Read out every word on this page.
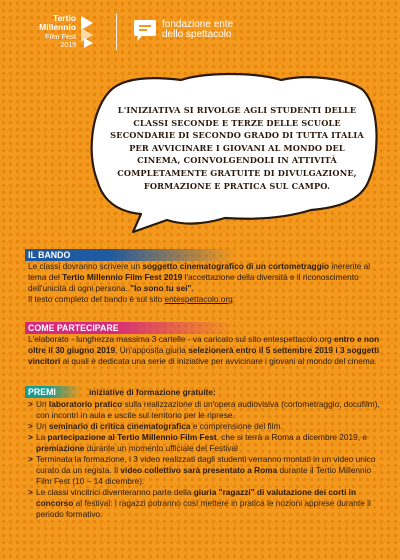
Tertio
Millennio
Film Fest
2019
fondazione ente
dello spettacolo
L'INIZIATIVA SI RIVOLGE AGLI STUDENTI DELLE CLASSI SECONDE E TERZE DELLE SCUOLE SECONDARIE DI SECONDO GRADO DI TUTTA ITALIA PER AVVICINARE I GIOVANI AL MONDO DEL CINEMA, COINVOLGENDOLI IN ATTIVITÀ COMPLETAMENTE GRATUITE DI DIVULGAZIONE, FORMAZIONE E PRATICA SUL CAMPO.
IL BANDO

Le classi dovranno scrivere un soggetto cinematografico di un cortometraggio inerente al tema del Tertio Millennio Film Fest 2019 l'accettazione della diversità e il riconoscimento dell'unicità di ogni persona. "Io sono tu sei".
Il testo completo del bando è sul sito entespettacolo.org.

COME PARTECIPARE

L'elaborato - lunghezza massima 3 cartelle - va caricato sul sito entespettacolo.org entro e non oltre il 30 giugno 2019. Un'apposita giuria selezionerà entro il 5 settembre 2019 i 3 soggetti vincitori ai quali è dedicata una serie di iniziative per avvicinare i giovani al mondo del cinema.

PREMI	iniziative di formazione gratuite:
> Un laboratorio pratico sulla realizzazione di un'opera audiovisiva (cortometraggio, docufilm), con incontri in aula e uscite sul territorio per le riprese.
> Un seminario di critica cinematografica e comprensione del film.
> La partecipazione al Tertio Millennio Film Fest, che si terrà a Roma a dicembre 2019, e premiazione durante un momento ufficiale del Festival
> Terminata la formazione, i 3 video realizzati dagli studenti verranno montati in un video unico curato da un regista. Il video collettivo sarà presentato a Roma durante il Tertio Millennio Film Fest (10 – 14 dicembre).
> Le classi vincitrici diventeranno parte della giuria "ragazzi" di valutazione dei corti in concorso al festival: i ragazzi potranno così mettere in pratica le nozioni apprese durante il periodo formativo.
